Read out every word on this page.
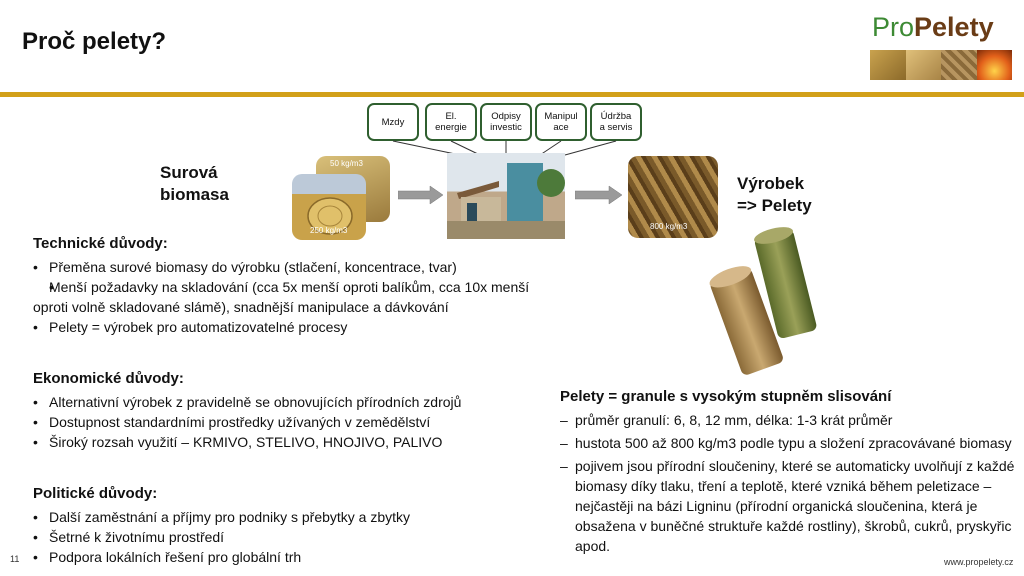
Proč pelety?	ProPelety
Mzdy	El.
energie
Odpisy
investic
Manipul
ace
Údržba
a servis
Surová
biomasa
50 kg/m3
250 kg/m3	800 kg/m3
Výrobek
=> Pelety
Technické důvody:
• Přeměna surové biomasy do výrobku (stlačení, koncentrace, tvar)
• Menší požadavky na skladování (cca 5x menší oproti balíkům, cca 10x menší oproti volně skladované slámě), snadnější manipulace a dávkování
• Pelety = výrobek pro automatizovatelné procesy
Ekonomické důvody:
• Alternativní výrobek z pravidelně se obnovujících přírodních zdrojů
• Dostupnost standardními prostředky užívaných v zemědělství
• Široký rozsah využití – KRMIVO, STELIVO, HNOJIVO, PALIVO
Politické důvody:
• Další zaměstnání a příjmy pro podniky s přebytky a zbytky
• Šetrné k životnímu prostředí
• Podpora lokálních řešení pro globální trh
Pelety = granule s vysokým stupněm slisování
– průměr granulí: 6, 8, 12 mm, délka: 1-3 krát průměr
– hustota 500 až 800 kg/m3 podle typu a složení zpracovávané biomasy
– pojivem jsou přírodní sloučeniny, které se automaticky uvolňují z každé biomasy díky tlaku, tření a teplotě, které vzniká během peletizace – nejčastěji na bázi Ligninu (přírodní organická sloučenina, která je obsažena v buněčné struktuře každé rostliny), škrobů, cukrů, pryskyřic apod.
11	www.propelety.cz
